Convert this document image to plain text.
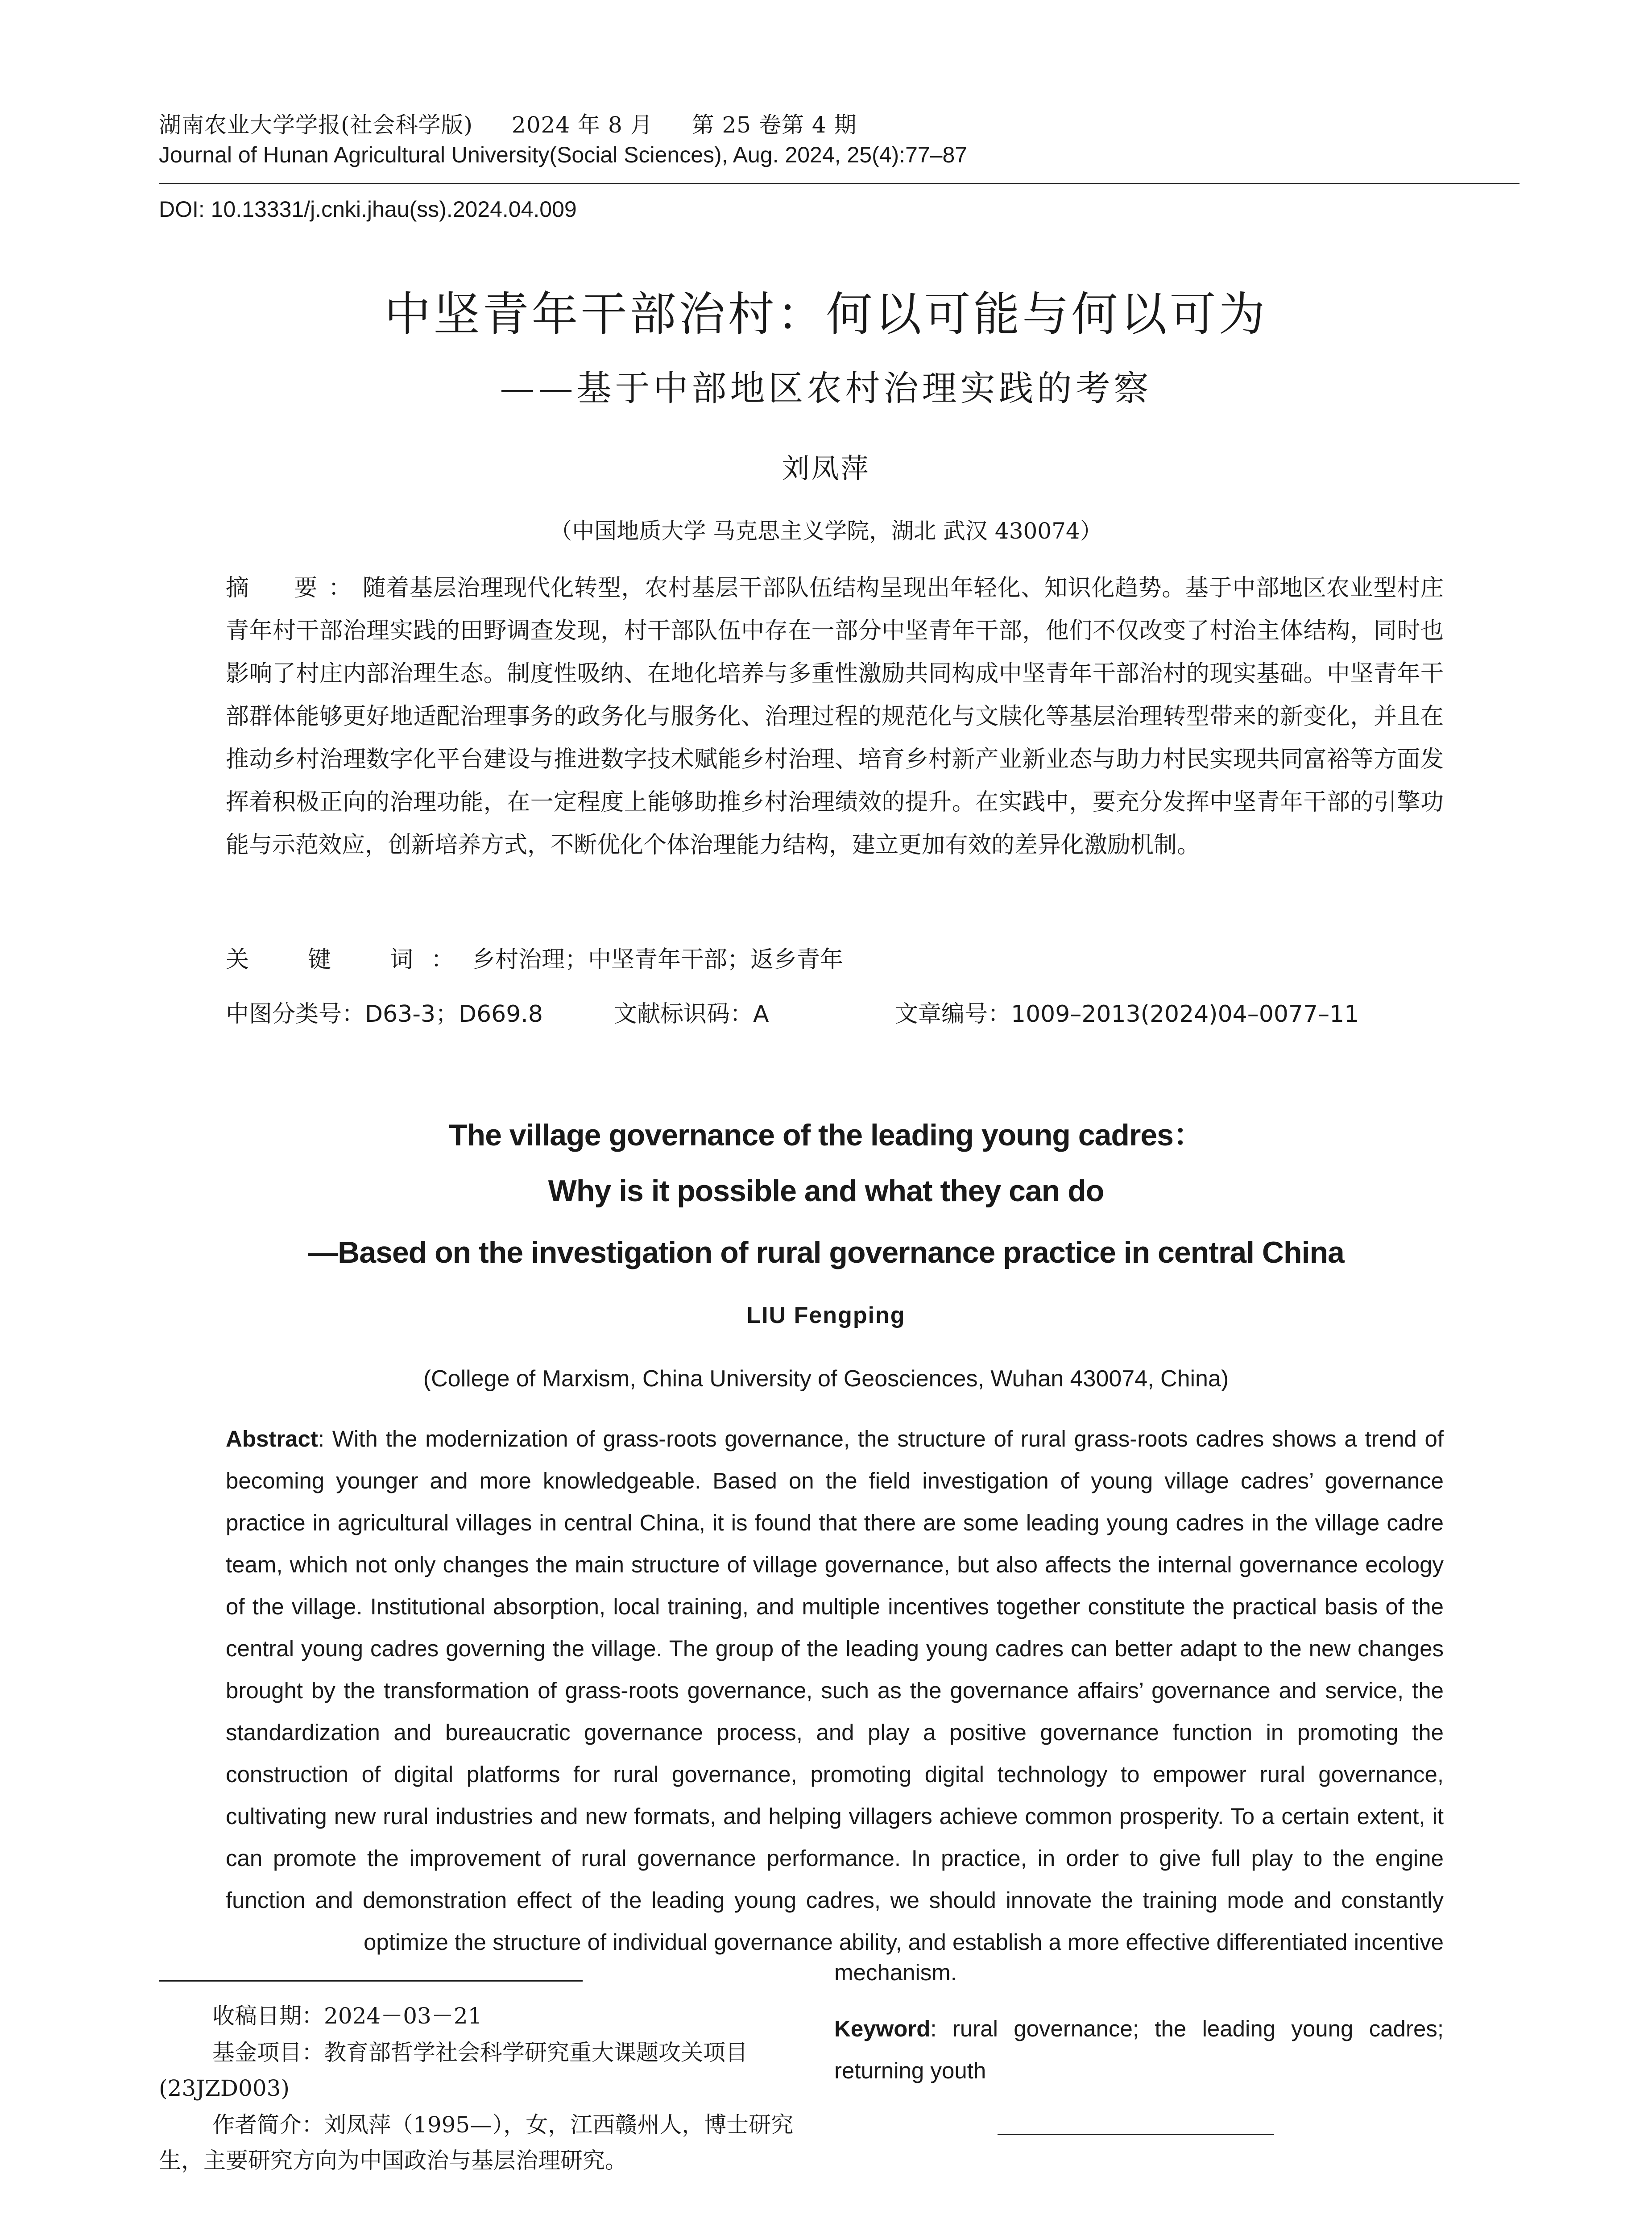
湖南农业大学学报(社会科学版) 2024 年 8 月 第 25 卷第 4 期
Journal of Hunan Agricultural University(Social Sciences), Aug. 2024, 25(4):77–87
DOI: 10.13331/j.cnki.jhau(ss).2024.04.009
中坚青年干部治村：何以可能与何以可为
——基于中部地区农村治理实践的考察
刘凤萍
（中国地质大学 马克思主义学院，湖北 武汉 430074）
摘　要：随着基层治理现代化转型，农村基层干部队伍结构呈现出年轻化、知识化趋势。基于中部地区农业型村庄青年村干部治理实践的田野调查发现，村干部队伍中存在一部分中坚青年干部，他们不仅改变了村治主体结构，同时也影响了村庄内部治理生态。制度性吸纳、在地化培养与多重性激励共同构成中坚青年干部治村的现实基础。中坚青年干部群体能够更好地适配治理事务的政务化与服务化、治理过程的规范化与文牍化等基层治理转型带来的新变化，并且在推动乡村治理数字化平台建设与推进数字技术赋能乡村治理、培育乡村新产业新业态与助力村民实现共同富裕等方面发挥着积极正向的治理功能，在一定程度上能够助推乡村治理绩效的提升。在实践中，要充分发挥中坚青年干部的引擎功能与示范效应，创新培养方式，不断优化个体治理能力结构，建立更加有效的差异化激励机制。
关　键　词：乡村治理；中坚青年干部；返乡青年
中图分类号：D63-3；D669.8	文献标识码：A	文章编号：1009–2013(2024)04–0077–11
The village governance of the leading young cadres：
Why is it possible and what they can do
—Based on the investigation of rural governance practice in central China
LIU Fengping
(College of Marxism, China University of Geosciences, Wuhan 430074, China)
Abstract: With the modernization of grass-roots governance, the structure of rural grass-roots cadres shows a trend of becoming younger and more knowledgeable. Based on the field investigation of young village cadres’ governance practice in agricultural villages in central China, it is found that there are some leading young cadres in the village cadre team, which not only changes the main structure of village governance, but also affects the internal governance ecology of the village. Institutional absorption, local training, and multiple incentives together constitute the practical basis of the central young cadres governing the village. The group of the leading young cadres can better adapt to the new changes brought by the transformation of grass-roots governance, such as the governance affairs’ governance and service, the standardization and bureaucratic governance process, and play a positive governance function in promoting the construction of digital platforms for rural governance, promoting digital technology to empower rural governance, cultivating new rural industries and new formats, and helping villagers achieve common prosperity. To a certain extent, it can promote the improvement of rural governance performance. In practice, in order to give full play to the engine function and demonstration effect of the leading young cadres, we should innovate the training mode and constantly optimize the structure of individual governance ability, and establish a more effective differentiated incentive
mechanism.
Keyword: rural governance; the leading young cadres; returning youth
收稿日期：2024－03－21
基金项目：教育部哲学社会科学研究重大课题攻关项目(23JZD003)
作者简介：刘凤萍（1995—），女，江西赣州人，博士研究生，主要研究方向为中国政治与基层治理研究。
